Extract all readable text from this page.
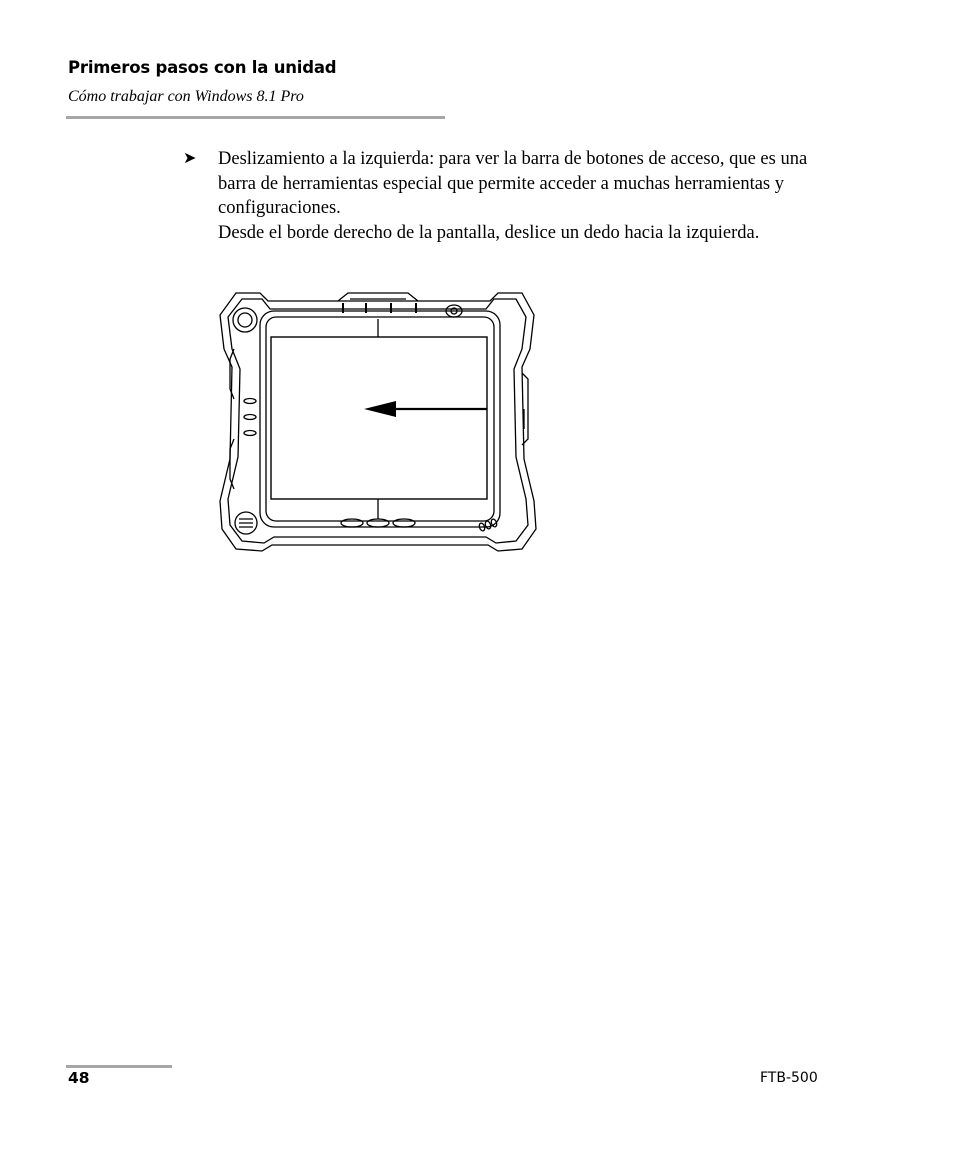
Primeros pasos con la unidad
Cómo trabajar con Windows 8.1 Pro
➤ Deslizamiento a la izquierda: para ver la barra de botones de acceso, que es una barra de herramientas especial que permite acceder a muchas herramientas y configuraciones.

Desde el borde derecho de la pantalla, deslice un dedo hacia la izquierda.

48	FTB-500
